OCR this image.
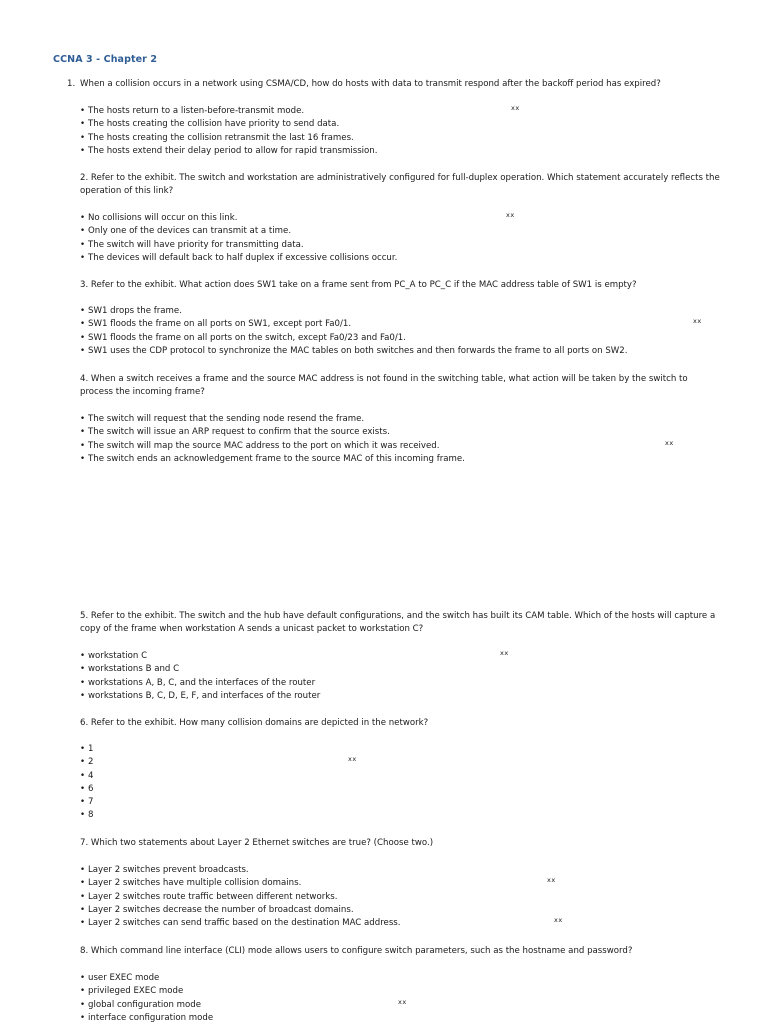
CCNA 3 - Chapter 2

1. When a collision occurs in a network using CSMA/CD, how do hosts with data to transmit respond after the backoff period has expired?

• The hosts return to a listen-before-transmit mode.	xx
• The hosts creating the collision have priority to send data.
• The hosts creating the collision retransmit the last 16 frames.
• The hosts extend their delay period to allow for rapid transmission.

2. Refer to the exhibit. The switch and workstation are administratively configured for full-duplex operation. Which statement accurately reflects the operation of this link?

• No collisions will occur on this link.	xx
• Only one of the devices can transmit at a time.
• The switch will have priority for transmitting data.
• The devices will default back to half duplex if excessive collisions occur.

3. Refer to the exhibit. What action does SW1 take on a frame sent from PC_A to PC_C if the MAC address table of SW1 is empty?

• SW1 drops the frame.
• SW1 floods the frame on all ports on SW1, except port Fa0/1.	xx
• SW1 floods the frame on all ports on the switch, except Fa0/23 and Fa0/1.
• SW1 uses the CDP protocol to synchronize the MAC tables on both switches and then forwards the frame to all ports on SW2.

4. When a switch receives a frame and the source MAC address is not found in the switching table, what action will be taken by the switch to process the incoming frame?

• The switch will request that the sending node resend the frame.
• The switch will issue an ARP request to confirm that the source exists.
• The switch will map the source MAC address to the port on which it was received.	xx
• The switch ends an acknowledgement frame to the source MAC of this incoming frame.

5. Refer to the exhibit. The switch and the hub have default configurations, and the switch has built its CAM table. Which of the hosts will capture a copy of the frame when workstation A sends a unicast packet to workstation C?

• workstation C	xx
• workstations B and C
• workstations A, B, C, and the interfaces of the router
• workstations B, C, D, E, F, and interfaces of the router

6. Refer to the exhibit. How many collision domains are depicted in the network?

• 1
• 2	xx
• 4
• 6
• 7
• 8

7. Which two statements about Layer 2 Ethernet switches are true? (Choose two.)

• Layer 2 switches prevent broadcasts.
• Layer 2 switches have multiple collision domains.	xx
• Layer 2 switches route traffic between different networks.
• Layer 2 switches decrease the number of broadcast domains.
• Layer 2 switches can send traffic based on the destination MAC address.	xx

8. Which command line interface (CLI) mode allows users to configure switch parameters, such as the hostname and password?

• user EXEC mode
• privileged EXEC mode
• global configuration mode	xx
• interface configuration mode
